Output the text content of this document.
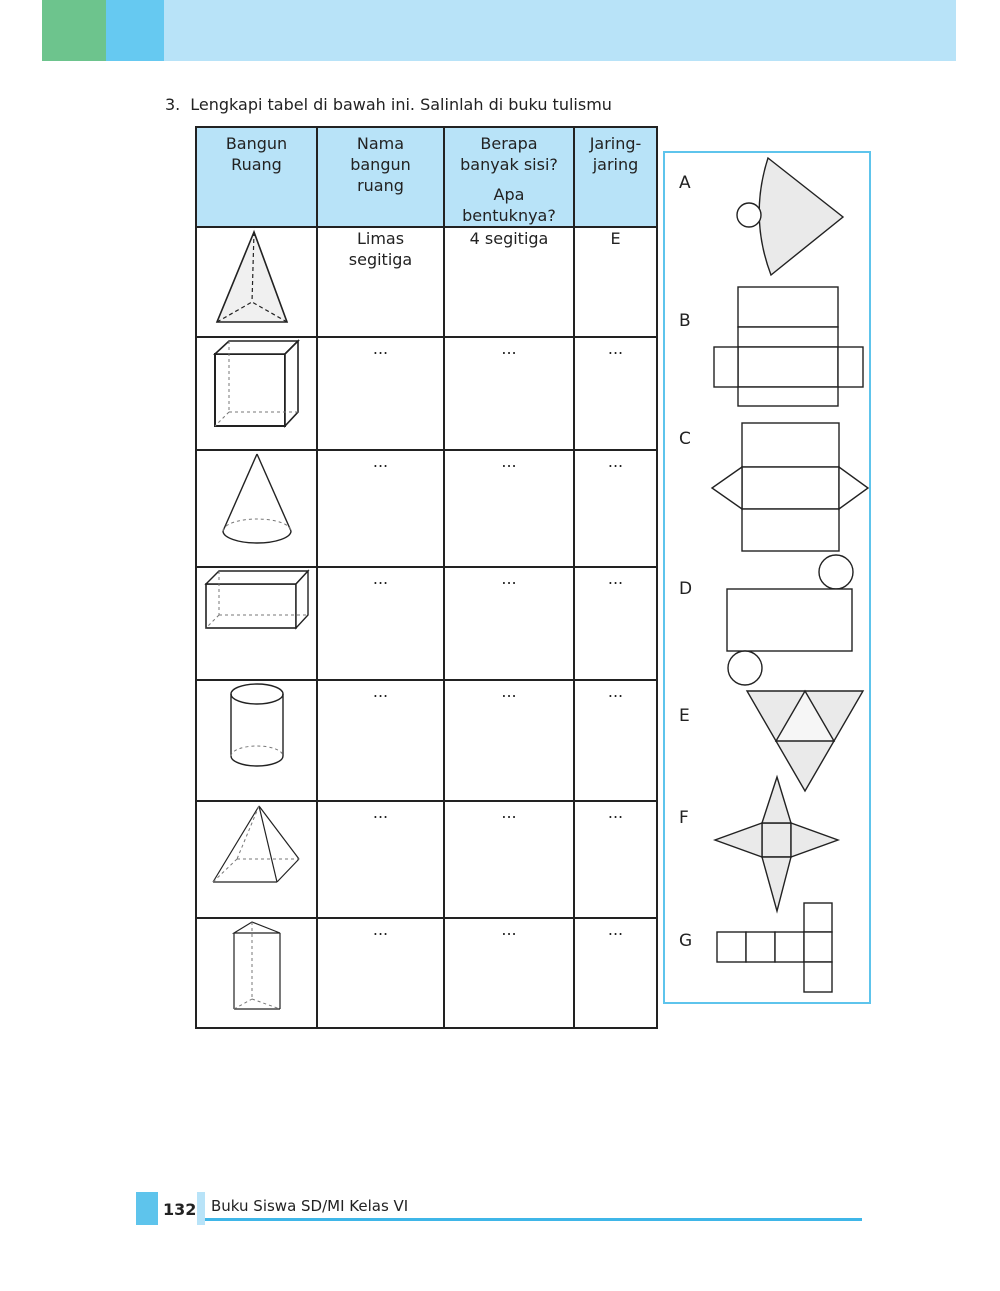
3. Lengkapi tabel di bawah ini. Salinlah di buku tulismu
Bangun
Ruang	Nama
bangun
ruang	Berapa
banyak sisi?
Apa
bentuknya?	Jaring-
jaring

	Limas
segitiga	4 segitiga	E

	...	...	...

	...	...	...

	...	...	...

	...	...	...

	...	...	...

	...	...	...
A
B
C
D
E
F
G
132 Buku Siswa SD/MI Kelas VI
